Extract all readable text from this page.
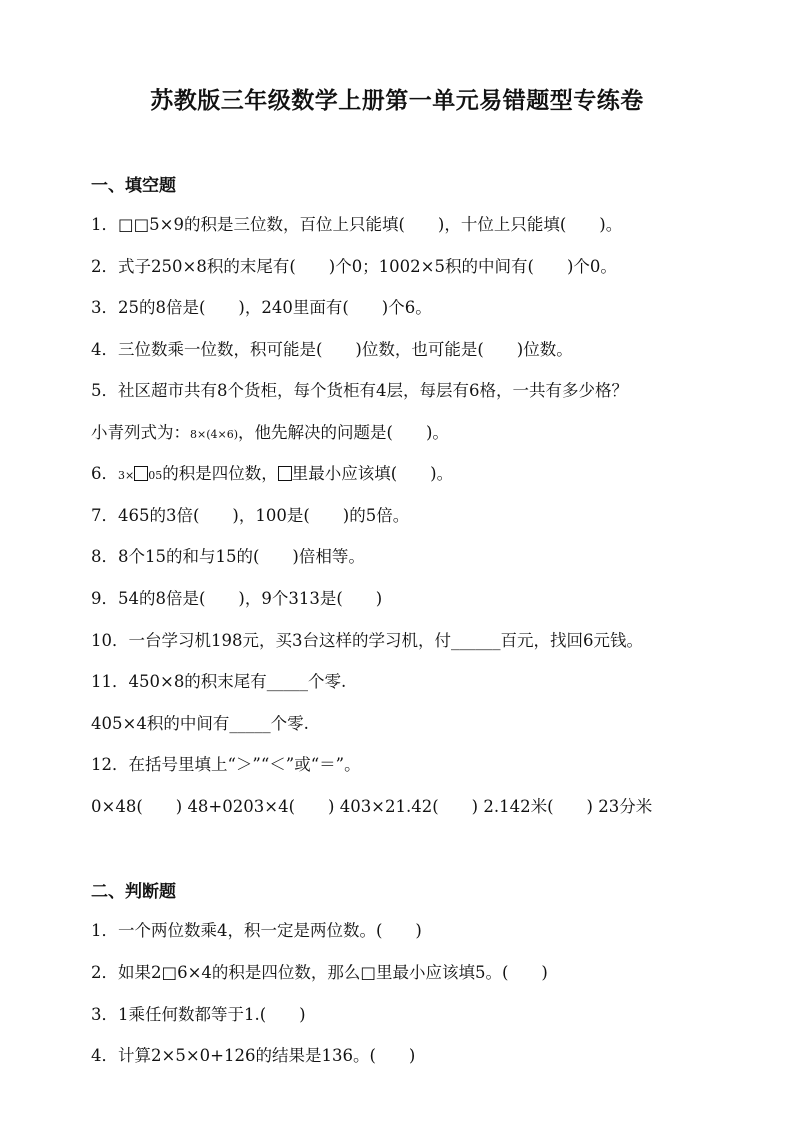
苏教版三年级数学上册第一单元易错题型专练卷
一、填空题
1．□□5×9的积是三位数，百位上只能填(　　)，十位上只能填(　　)。
2．式子250×8积的末尾有(　　)个0；1002×5积的中间有(　　)个0。
3．25的8倍是(　　)，240里面有(　　)个6。
4．三位数乘一位数，积可能是(　　)位数，也可能是(　　)位数。
5．社区超市共有8个货柜，每个货柜有4层，每层有6格，一共有多少格？
小青列式为：8×(4×6)，他先解决的问题是(　　)。
6．3× 05的积是四位数， 里最小应该填(　　)。
7．465的3倍(　　)，100是(　　)的5倍。
8．8个15的和与15的(　　)倍相等。
9．54的8倍是(　　)，9个313是(　　)
10．一台学习机198元，买3台这样的学习机，付______百元，找回6元钱。
11．450×8的积末尾有_____个零.
405×4积的中间有_____个零.
12．在括号里填上“＞”“＜”或“＝”。
0×48(　　) 48+0203×4(　　) 403×21.42(　　) 2.142米(　　) 23分米
二、判断题
1．一个两位数乘4，积一定是两位数。(　　)
2．如果2□6×4的积是四位数，那么□里最小应该填5。(　　)
3．1乘任何数都等于1.(　　)
4．计算2×5×0+126的结果是136。(　　)
